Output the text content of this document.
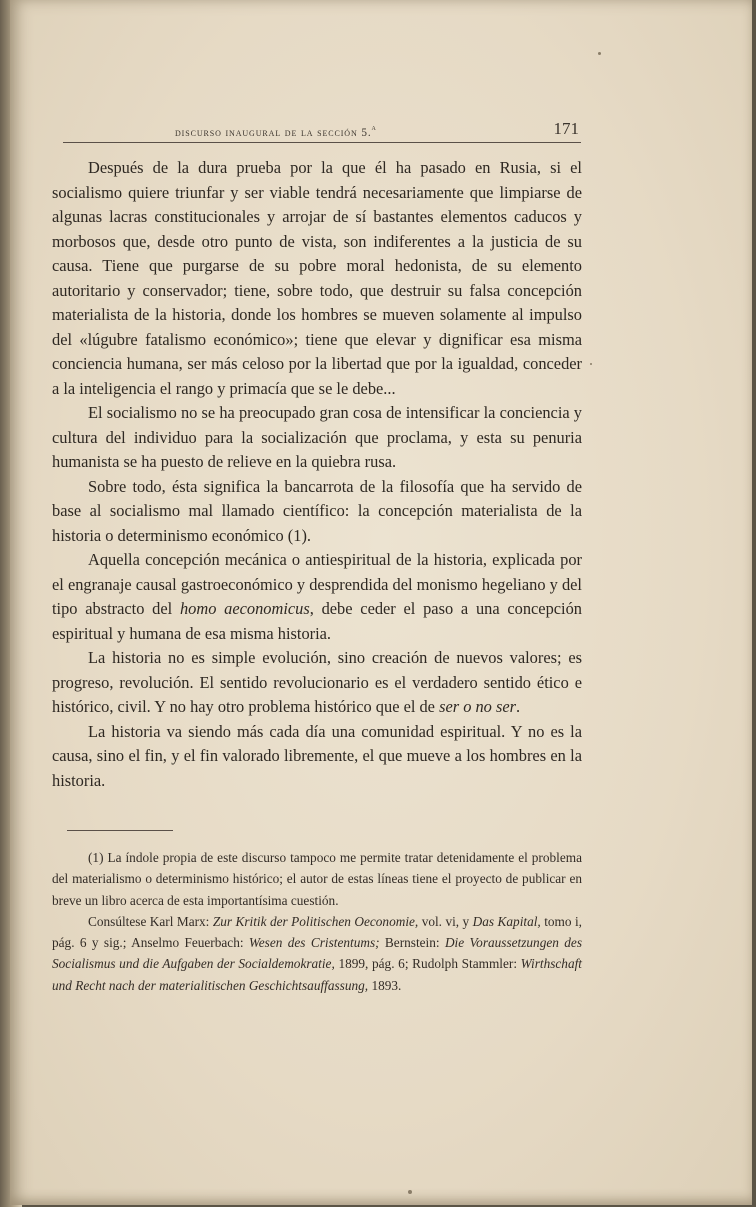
discurso inaugural de la sección 5.$^a$	171

Después de la dura prueba por la que él ha pasado en Rusia, si el socialismo quiere triunfar y ser viable tendrá necesariamente que limpiarse de algunas lacras constitucionales y arrojar de sí bastantes elementos caducos y morbosos que, desde otro punto de vista, son indiferentes a la justicia de su causa. Tiene que purgarse de su pobre moral hedonista, de su elemento autoritario y conservador; tiene, sobre todo, que destruir su falsa concepción materialista de la historia, donde los hombres se mueven solamente al impulso del «lúgubre fatalismo económico»; tiene que elevar y dignificar esa misma conciencia humana, ser más celoso por la libertad que por la igualdad, conceder a la inteligencia el rango y primacía que se le debe...

El socialismo no se ha preocupado gran cosa de intensificar la conciencia y cultura del individuo para la socialización que proclama, y esta su penuria humanista se ha puesto de relieve en la quiebra rusa.

Sobre todo, ésta significa la bancarrota de la filosofía que ha servido de base al socialismo mal llamado científico: la concepción materialista de la historia o determinismo económico (1).

Aquella concepción mecánica o antiespiritual de la historia, explicada por el engranaje causal gastroeconómico y desprendida del monismo hegeliano y del tipo abstracto del homo aeconomicus, debe ceder el paso a una concepción espiritual y humana de esa misma historia.

La historia no es simple evolución, sino creación de nuevos valores; es progreso, revolución. El sentido revolucionario es el verdadero sentido ético e histórico, civil. Y no hay otro problema histórico que el de ser o no ser.

La historia va siendo más cada día una comunidad espiritual. Y no es la causa, sino el fin, y el fin valorado libremente, el que mueve a los hombres en la historia.

(1) La índole propia de este discurso tampoco me permite tratar detenidamente el problema del materialismo o determinismo histórico; el autor de estas líneas tiene el proyecto de publicar en breve un libro acerca de esta importantísima cuestión.

Consúltese Karl Marx: Zur Kritik der Politischen Oeconomie, vol. vi, y Das Kapital, tomo i, pág. 6 y sig.; Anselmo Feuerbach: Wesen des Cristentums; Bernstein: Die Voraussetzungen des Socialismus und die Aufgaben der Socialdemokratie, 1899, pág. 6; Rudolph Stammler: Wirthschaft und Recht nach der materialitischen Geschichtsauffassung, 1893.
